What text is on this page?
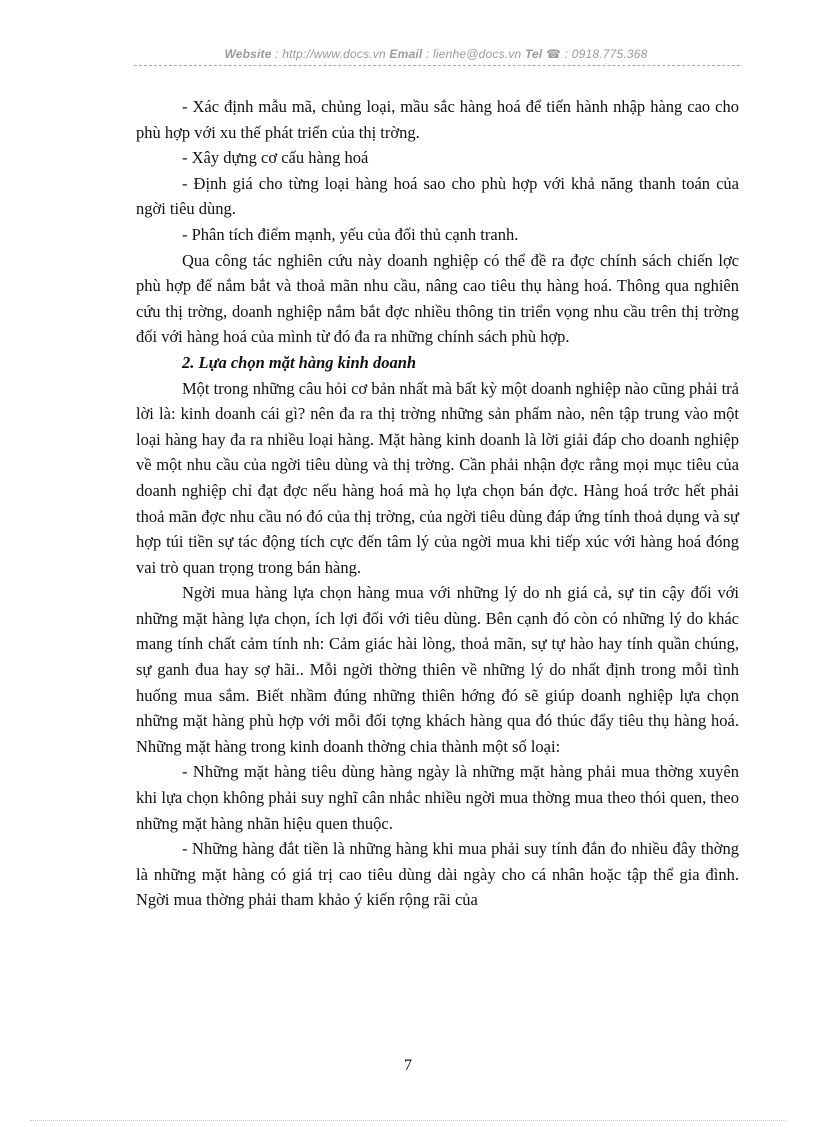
Website : http://www.docs.vn Email : lienhe@docs.vn Tel ☎ : 0918.775.368

- Xác định mẫu mã, chủng loại, mầu sắc hàng hoá để tiến hành nhập hàng cao cho phù hợp với xu thế phát triển của thị trờng.

- Xây dựng cơ cấu hàng hoá

- Định giá cho từng loại hàng hoá sao cho phù hợp với khả năng thanh toán của ngời tiêu dùng.

- Phân tích điểm mạnh, yếu của đối thủ cạnh tranh.

Qua công tác nghiên cứu này doanh nghiệp có thể đề ra đợc chính sách chiến lợc phù hợp để nắm bắt và thoả mãn nhu cầu, nâng cao tiêu thụ hàng hoá. Thông qua nghiên cứu thị trờng, doanh nghiệp nắm bắt đợc nhiều thông tin triển vọng nhu cầu trên thị trờng đối với hàng hoá của mình từ đó đa ra những chính sách phù hợp.

2. Lựa chọn mặt hàng kinh doanh

Một trong những câu hỏi cơ bản nhất mà bất kỳ một doanh nghiệp nào cũng phải trả lời là: kinh doanh cái gì? nên đa ra thị trờng những sản phẩm nào, nên tập trung vào một loại hàng hay đa ra nhiều loại hàng. Mặt hàng kinh doanh là lời giải đáp cho doanh nghiệp về một nhu cầu của ngời tiêu dùng và thị trờng. Cần phải nhận đợc rằng mọi mục tiêu của doanh nghiệp chỉ đạt đợc nếu hàng hoá mà họ lựa chọn bán đợc. Hàng hoá trớc hết phải thoả mãn đợc nhu cầu nó đó của thị trờng, của ngời tiêu dùng đáp ứng tính thoả dụng và sự hợp túi tiền sự tác động tích cực đến tâm lý của ngời mua khi tiếp xúc với hàng hoá đóng vai trò quan trọng trong bán hàng.

Ngời mua hàng lựa chọn hàng mua với những lý do nh giá cả, sự tin cậy đối với những mặt hàng lựa chọn, ích lợi đối với tiêu dùng. Bên cạnh đó còn có những lý do khác mang tính chất cảm tính nh: Cảm giác hài lòng, thoả mãn, sự tự hào hay tính quần chúng, sự ganh đua hay sợ hãi.. Mỗi ngời thờng thiên về những lý do nhất định trong mỗi tình huống mua sắm. Biết nhầm đúng những thiên hớng đó sẽ giúp doanh nghiệp lựa chọn những mặt hàng phù hợp với mỗi đối tợng khách hàng qua đó thúc đẩy tiêu thụ hàng hoá. Những mặt hàng trong kinh doanh thờng chia thành một số loại:

- Những mặt hàng tiêu dùng hàng ngày là những mặt hàng phải mua thờng xuyên khi lựa chọn không phải suy nghĩ cân nhắc nhiều ngời mua thờng mua theo thói quen, theo những mặt hàng nhãn hiệu quen thuộc.

- Những hàng đắt tiền là những hàng khi mua phải suy tính đắn đo nhiều đây thờng là những mặt hàng có giá trị cao tiêu dùng dài ngày cho cá nhân hoặc tập thể gia đình. Ngời mua thờng phải tham khảo ý kiến rộng rãi của

7
